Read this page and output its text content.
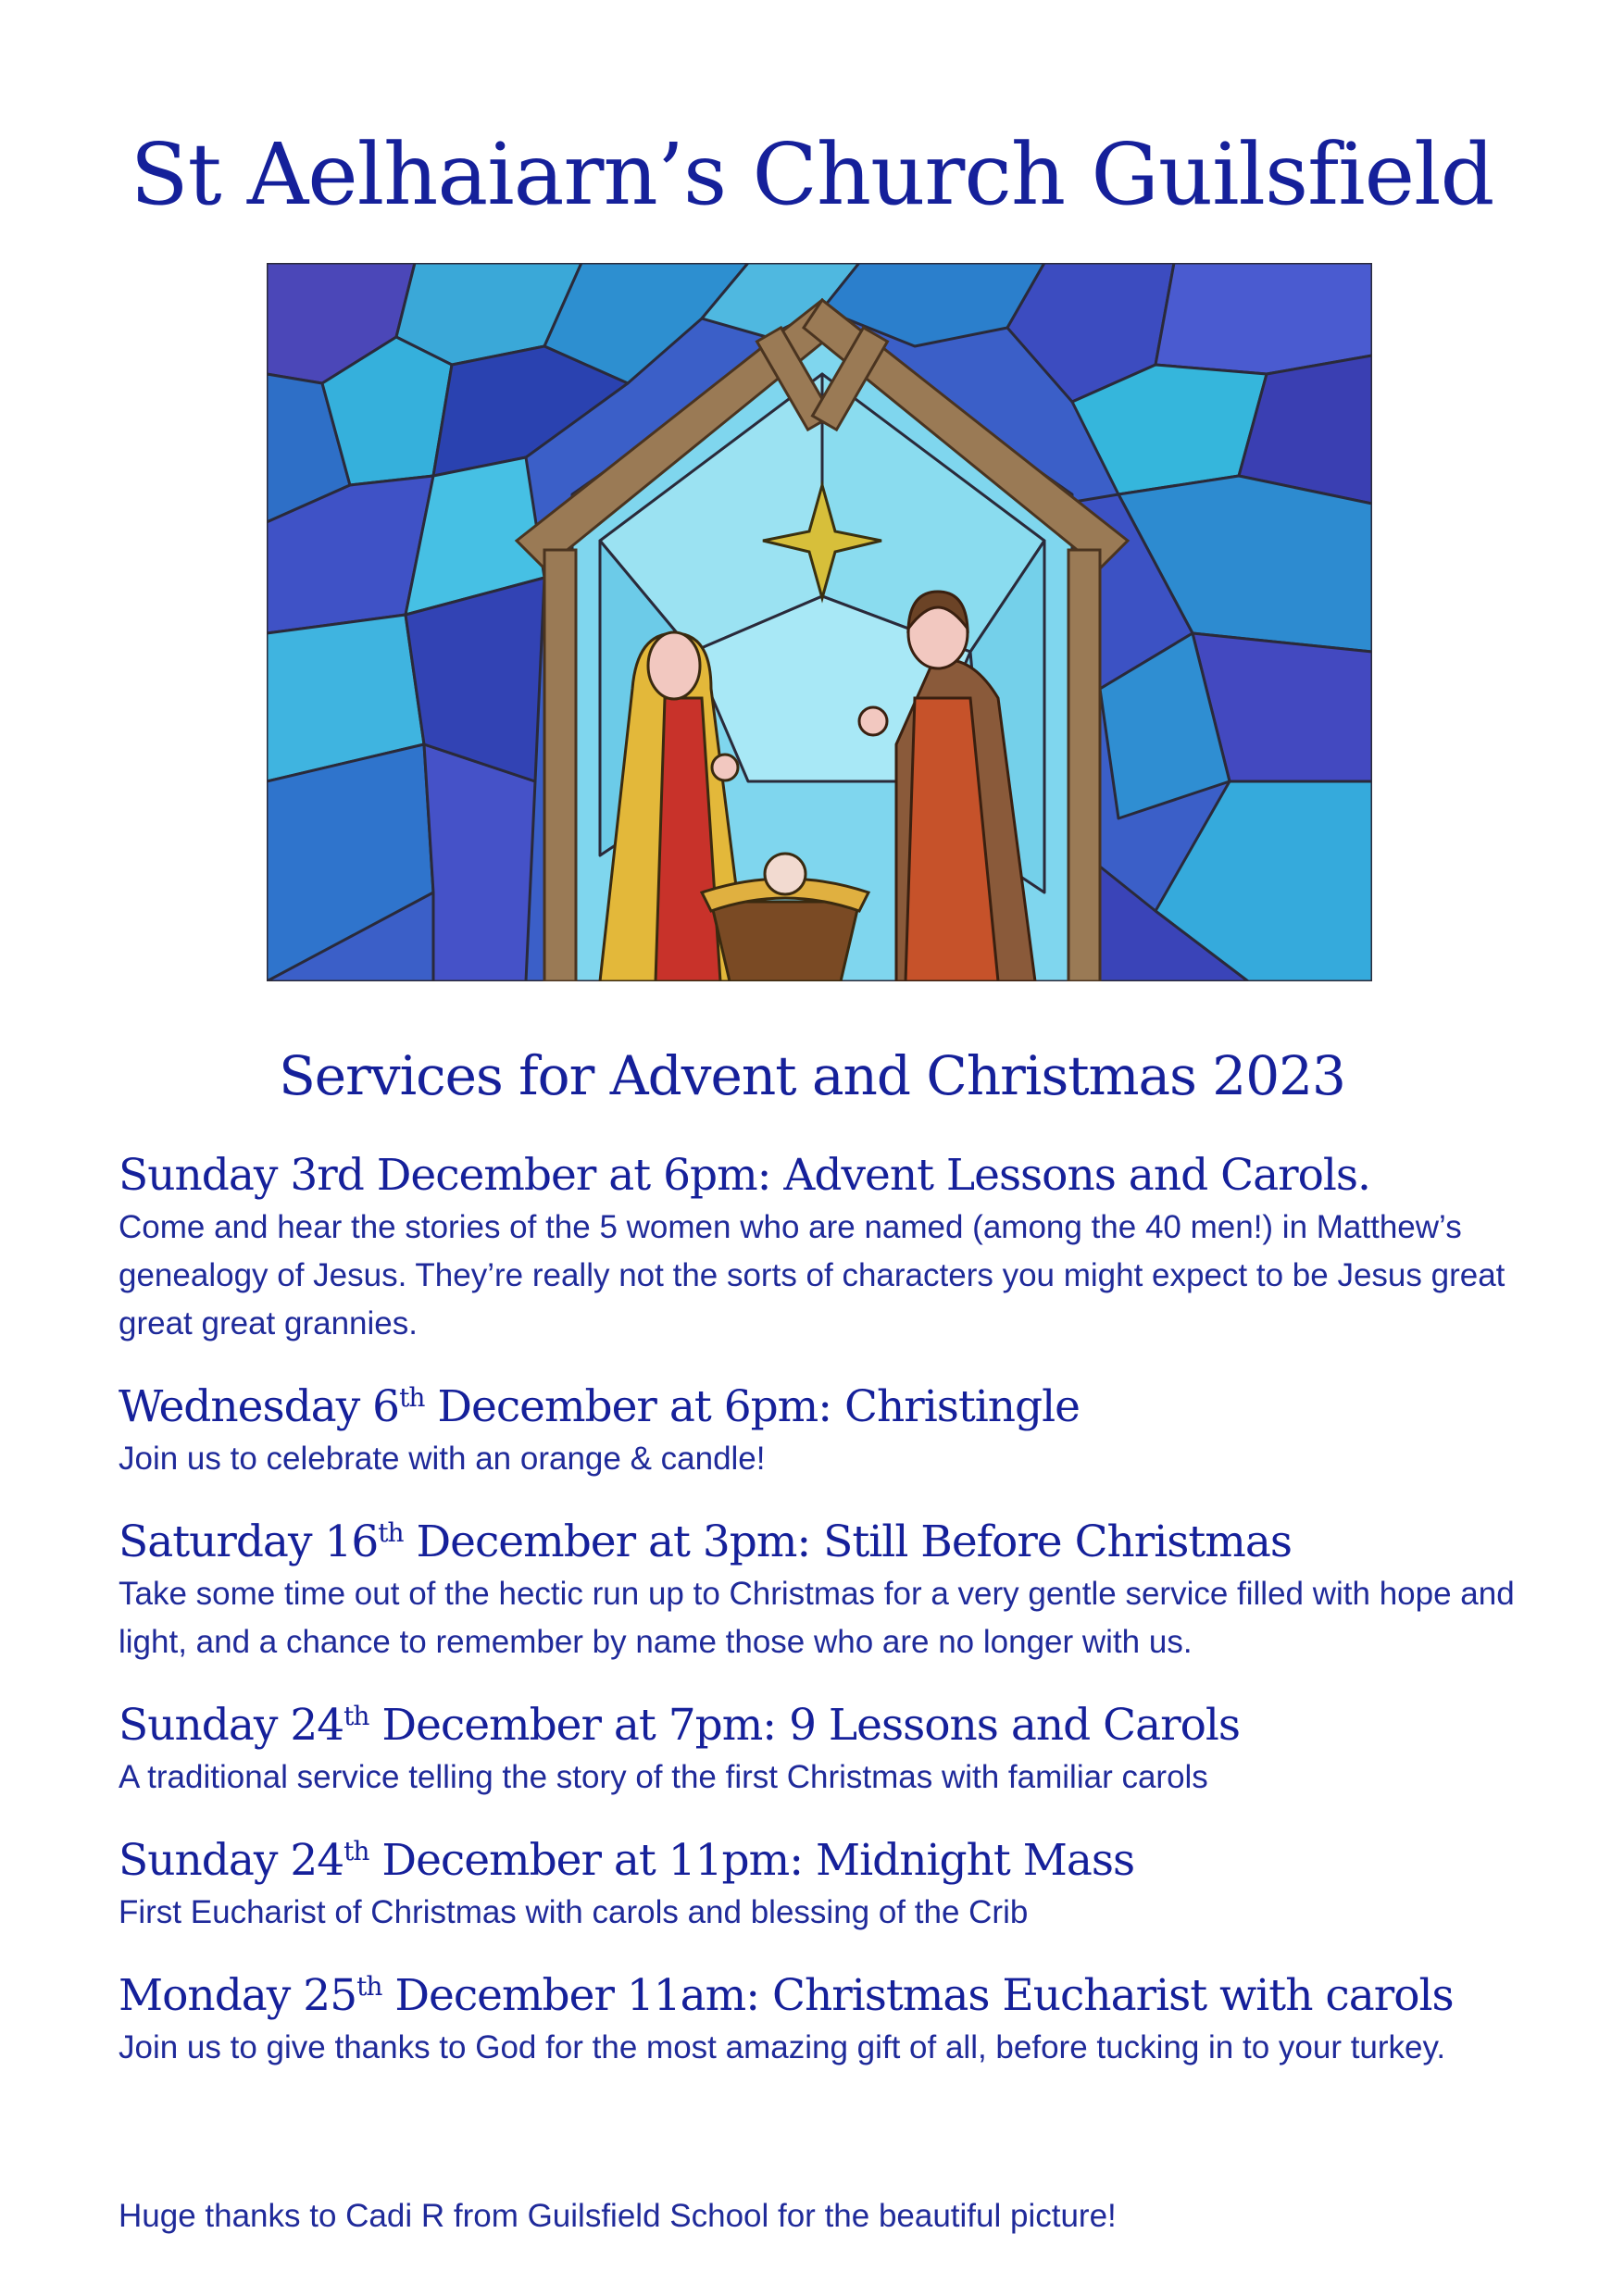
St Aelhaiarn’s Church Guilsfield
Services for Advent and Christmas 2023

Sunday 3rd December at 6pm: Advent Lessons and Carols.

Come and hear the stories of the 5 women who are named (among the 40 men!) in Matthew’s genealogy of Jesus. They’re really not the sorts of characters you might expect to be Jesus great great great grannies.

Wednesday 6th December at 6pm: Christingle

Join us to celebrate with an orange & candle!

Saturday 16th December at 3pm: Still Before Christmas

Take some time out of the hectic run up to Christmas for a very gentle service filled with hope and light, and a chance to remember by name those who are no longer with us.

Sunday 24th December at 7pm: 9 Lessons and Carols

A traditional service telling the story of the first Christmas with familiar carols

Sunday 24th December at 11pm: Midnight Mass

First Eucharist of Christmas with carols and blessing of the Crib

Monday 25th December 11am: Christmas Eucharist with carols

Join us to give thanks to God for the most amazing gift of all, before tucking in to your turkey.

Huge thanks to Cadi R from Guilsfield School for the beautiful picture!
